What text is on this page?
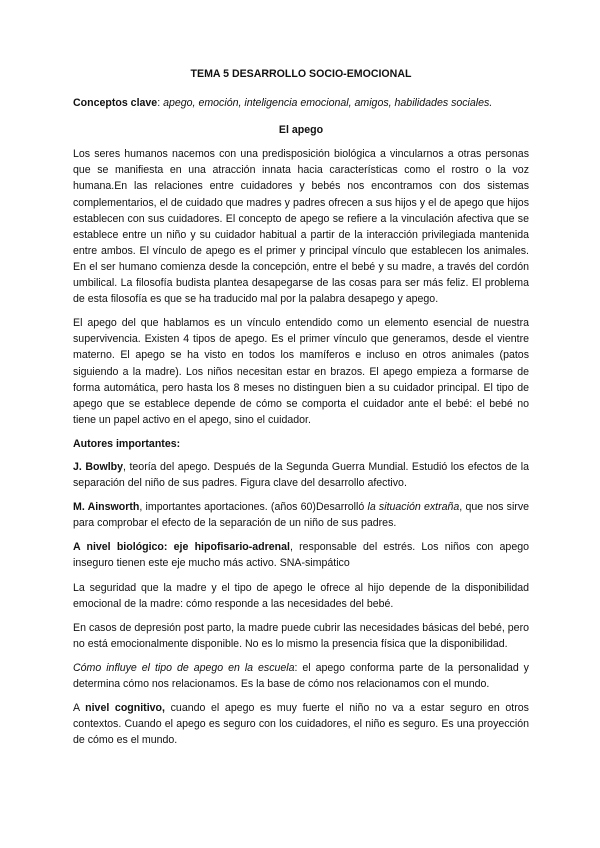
TEMA 5 DESARROLLO SOCIO-EMOCIONAL
Conceptos clave: apego, emoción, inteligencia emocional, amigos, habilidades sociales.
El apego

Los seres humanos nacemos con una predisposición biológica a vincularnos a otras personas que se manifiesta en una atracción innata hacia características como el rostro o la voz humana.En las relaciones entre cuidadores y bebés nos encontramos con dos sistemas complementarios, el de cuidado que madres y padres ofrecen a sus hijos y el de apego que hijos establecen con sus cuidadores. El concepto de apego se refiere a la vinculación afectiva que se establece entre un niño y su cuidador habitual a partir de la interacción privilegiada mantenida entre ambos. El vínculo de apego es el primer y principal vínculo que establecen los animales. En el ser humano comienza desde la concepción, entre el bebé y su madre, a través del cordón umbilical. La filosofía budista plantea desapegarse de las cosas para ser más feliz. El problema de esta filosofía es que se ha traducido mal por la palabra desapego y apego.

El apego del que hablamos es un vínculo entendido como un elemento esencial de nuestra supervivencia. Existen 4 tipos de apego. Es el primer vínculo que generamos, desde el vientre materno. El apego se ha visto en todos los mamíferos e incluso en otros animales (patos siguiendo a la madre). Los niños necesitan estar en brazos. El apego empieza a formarse de forma automática, pero hasta los 8 meses no distinguen bien a su cuidador principal. El tipo de apego que se establece depende de cómo se comporta el cuidador ante el bebé: el bebé no tiene un papel activo en el apego, sino el cuidador.

Autores importantes:

J. Bowlby, teoría del apego. Después de la Segunda Guerra Mundial. Estudió los efectos de la separación del niño de sus padres. Figura clave del desarrollo afectivo.

M. Ainsworth, importantes aportaciones. (años 60)Desarrolló la situación extraña, que nos sirve para comprobar el efecto de la separación de un niño de sus padres.

A nivel biológico: eje hipofisario-adrenal, responsable del estrés. Los niños con apego inseguro tienen este eje mucho más activo. SNA-simpático

La seguridad que la madre y el tipo de apego le ofrece al hijo depende de la disponibilidad emocional de la madre: cómo responde a las necesidades del bebé.

En casos de depresión post parto, la madre puede cubrir las necesidades básicas del bebé, pero no está emocionalmente disponible. No es lo mismo la presencia física que la disponibilidad.

Cómo influye el tipo de apego en la escuela: el apego conforma parte de la personalidad y determina cómo nos relacionamos. Es la base de cómo nos relacionamos con el mundo.

A nivel cognitivo, cuando el apego es muy fuerte el niño no va a estar seguro en otros contextos. Cuando el apego es seguro con los cuidadores, el niño es seguro. Es una proyección de cómo es el mundo.
